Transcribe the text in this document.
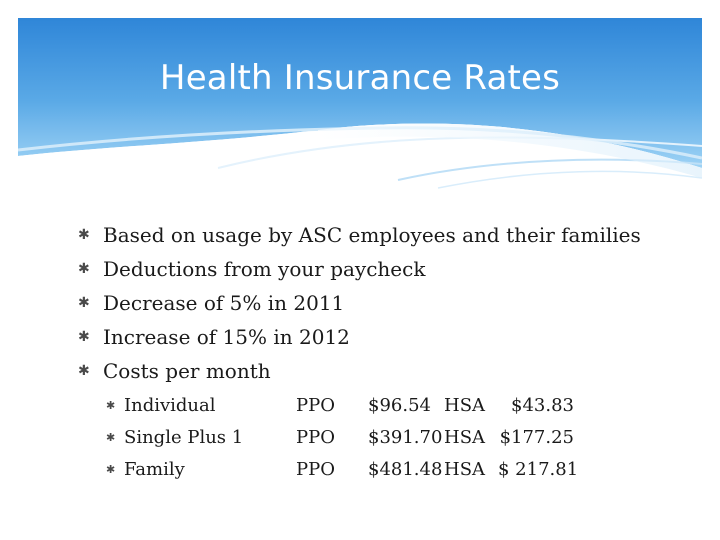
Health Insurance Rates
✱ Based on usage by ASC employees and their families
✱ Deductions from your paycheck
✱ Decrease of 5% in 2011
✱ Increase of 15% in 2012
✱ Costs per month
✱ Individual	PPO $96.54 HSA	$43.83
✱ Single Plus 1	PPO $391.70 HSA $177.25
✱ Family	PPO $481.48 HSA $ 217.81
